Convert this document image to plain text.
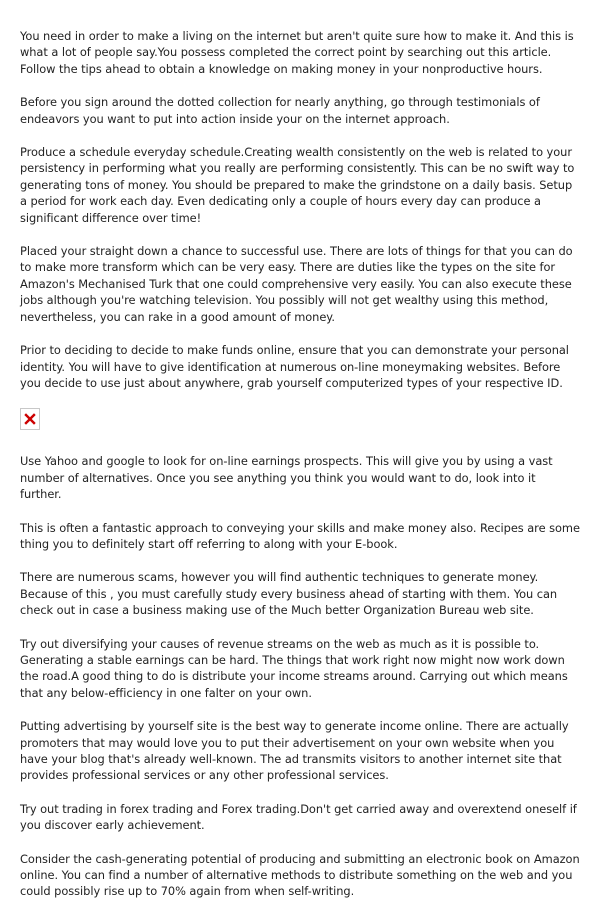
You need in order to make a living on the internet but aren't quite sure how to make it. And this is what a lot of people say.You possess completed the correct point by searching out this article. Follow the tips ahead to obtain a knowledge on making money in your nonproductive hours.

Before you sign around the dotted collection for nearly anything, go through testimonials of endeavors you want to put into action inside your on the internet approach.

Produce a schedule everyday schedule.Creating wealth consistently on the web is related to your persistency in performing what you really are performing consistently. This can be no swift way to generating tons of money. You should be prepared to make the grindstone on a daily basis. Setup a period for work each day. Even dedicating only a couple of hours every day can produce a significant difference over time!

Placed your straight down a chance to successful use. There are lots of things for that you can do to make more transform which can be very easy. There are duties like the types on the site for Amazon's Mechanised Turk that one could comprehensive very easily. You can also execute these jobs although you're watching television. You possibly will not get wealthy using this method, nevertheless, you can rake in a good amount of money.

Prior to deciding to decide to make funds online, ensure that you can demonstrate your personal identity. You will have to give identification at numerous on-line moneymaking websites. Before you decide to use just about anywhere, grab yourself computerized types of your respective ID.

Use Yahoo and google to look for on-line earnings prospects. This will give you by using a vast number of alternatives. Once you see anything you think you would want to do, look into it further.

This is often a fantastic approach to conveying your skills and make money also. Recipes are some thing you to definitely start off referring to along with your E-book.

There are numerous scams, however you will find authentic techniques to generate money. Because of this , you must carefully study every business ahead of starting with them. You can check out in case a business making use of the Much better Organization Bureau web site.

Try out diversifying your causes of revenue streams on the web as much as it is possible to. Generating a stable earnings can be hard. The things that work right now might now work down the road.A good thing to do is distribute your income streams around. Carrying out which means that any below-efficiency in one falter on your own.

Putting advertising by yourself site is the best way to generate income online. There are actually promoters that may would love you to put their advertisement on your own website when you have your blog that's already well-known. The ad transmits visitors to another internet site that provides professional services or any other professional services.

Try out trading in forex trading and Forex trading.Don't get carried away and overextend oneself if you discover early achievement.

Consider the cash-generating potential of producing and submitting an electronic book on Amazon online. You can find a number of alternative methods to distribute something on the web and you could possibly rise up to 70% again from when self-writing.
